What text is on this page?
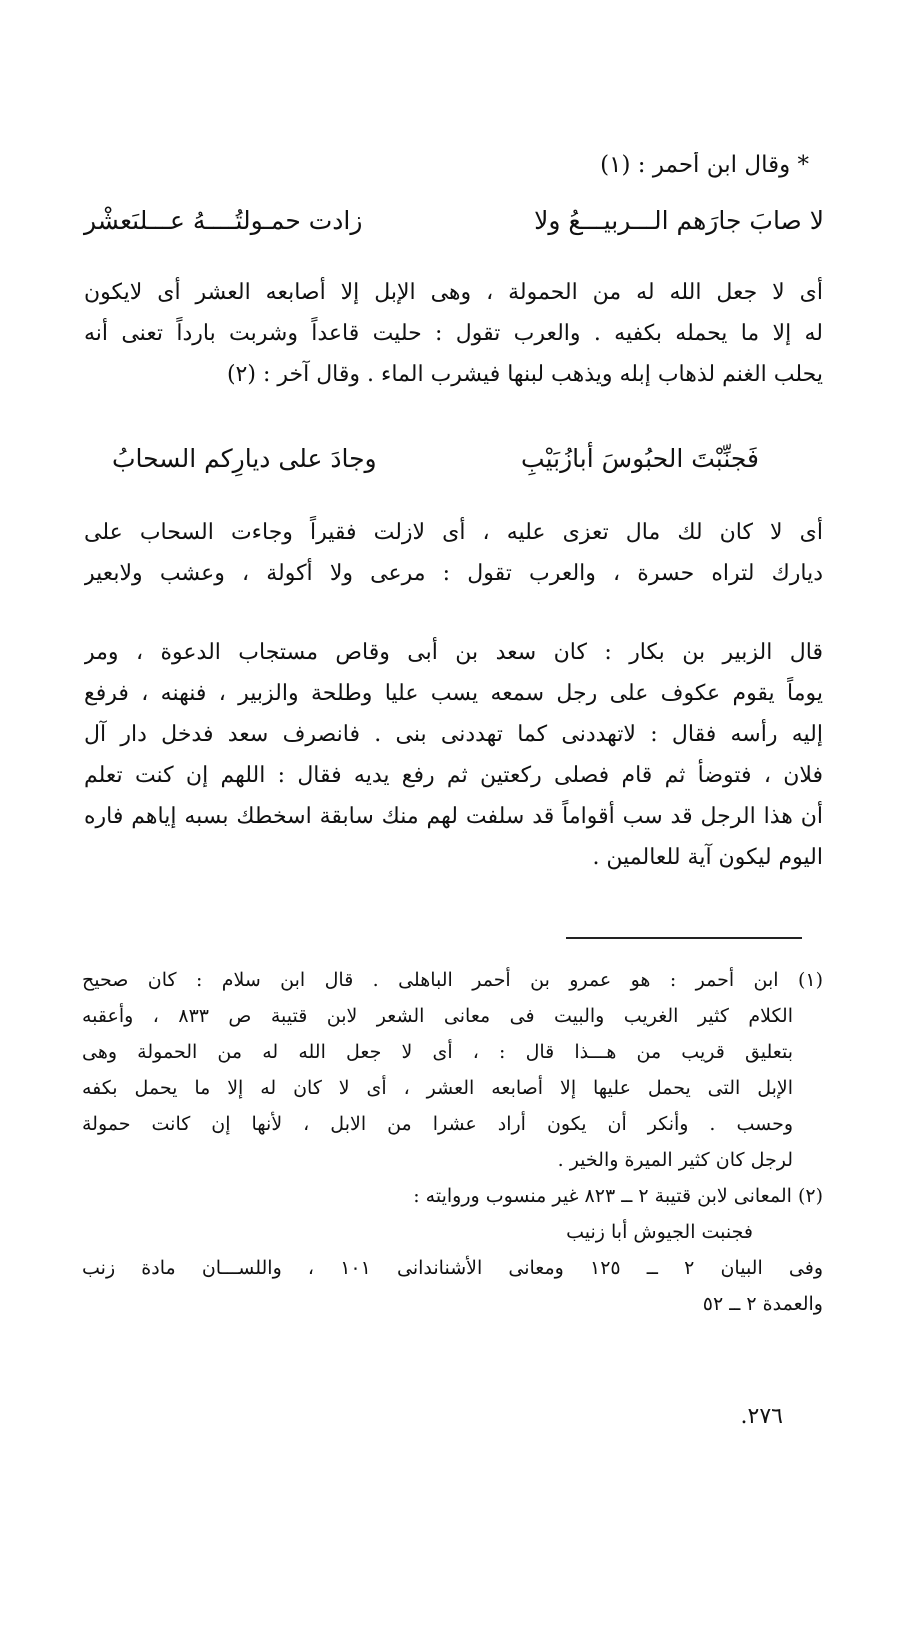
* وقال ابن أحمر : (١)
لا صابَ جارَهم الـــربيـــعُ ولا
زادت حمـولتُــــهُ عـــلىَعشْر
أى لا جعل الله له من الحمولة ، وهى الإبل إلا أصابعه العشر أى لايكون
له إلا ما يحمله بكفيه . والعرب تقول : حليت قاعداً وشربت بارداً تعنى أنه
يحلب الغنم لذهاب إبله ويذهب لبنها فيشرب الماء . وقال آخر : (٢)
فَجنِّبْتَ الحبُوسَ أبازُبَيْبِ
وجادَ على ديارِكم السحابُ
أى لا كان لك مال تعزى عليه ، أى لازلت فقيراً وجاءت السحاب على
ديارك لتراه حسرة ، والعرب تقول : مرعى ولا أكولة ، وعشب ولابعير
قال الزبير بن بكار : كان سعد بن أبى وقاص مستجاب الدعوة ، ومر
يوماً يقوم عكوف على رجل سمعه يسب عليا وطلحة والزبير ، فنهنه ، فرفع
إليه رأسه فقال : لاتهددنى كما تهددنى بنى . فانصرف سعد فدخل دار آل
فلان ، فتوضأ ثم قام فصلى ركعتين ثم رفع يديه فقال : اللهم إن كنت تعلم
أن هذا الرجل قد سب أقواماً قد سلفت لهم منك سابقة اسخطك بسبه إياهم فاره
اليوم ليكون آية للعالمين .
(١) ابن أحمر : هو عمرو بن أحمر الباهلى . قال ابن سلام : كان صحيح
الكلام كثير الغريب والبيت فى معانى الشعر لابن قتيبة ص ٨٣٣ ، وأعقبه
بتعليق قريب من هـــذا قال : ، أى لا جعل الله له من الحمولة وهى
الإبل التى يحمل عليها إلا أصابعه العشر ، أى لا كان له إلا ما يحمل بكفه
وحسب . وأنكر أن يكون أراد عشرا من الابل ، لأنها إن كانت حمولة
لرجل كان كثير الميرة والخير .
(٢) المعانى لابن قتيبة ٢ ــ ٨٢٣ غير منسوب وروايته :
فجنبت الجيوش أبا زنيب
وفى البيان ٢ ــ ١٢٥ ومعانى الأشناندانى ١٠١ ، واللســـان مادة زنب
والعمدة ٢ ــ ٥٢
.٢٧٦
